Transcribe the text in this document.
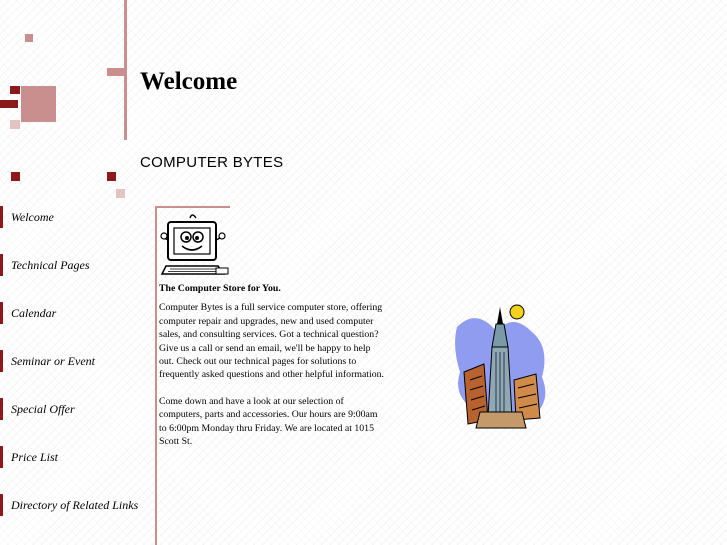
Welcome
COMPUTER BYTES
Welcome
Technical Pages
Calendar
Seminar or Event
Special Offer
Price List
Directory of Related Links

The Computer Store for You.

Computer Bytes is a full service computer store, offering computer repair and upgrades, new and used computer sales, and consulting services. Got a technical question? Give us a call or send an email, we'll be happy to help out. Check out our technical pages for solutions to frequently asked questions and other helpful information.

Come down and have a look at our selection of computers, parts and accessories. Our hours are 9:00am to 6:00pm Monday thru Friday. We are located at 1015 Scott St.
